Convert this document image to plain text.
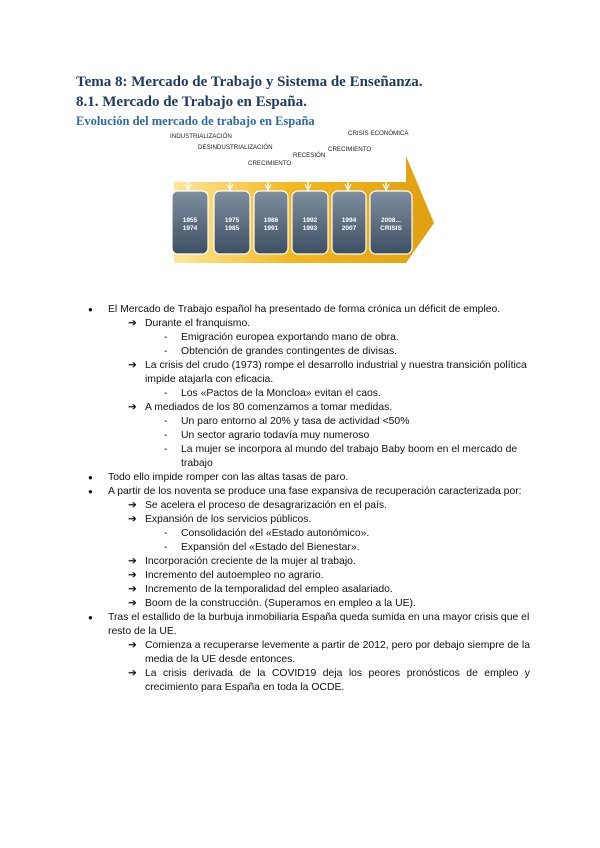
Tema 8: Mercado de Trabajo y Sistema de Enseñanza.
8.1. Mercado de Trabajo en España.
Evolución del mercado de trabajo en España
INDUSTRIALIZACIÓN
DESINDUSTRIALIZACIÓN
CRECIMIENTO
RECESIÓN
CRECIMIENTO
CRISIS ECONÓMICA
1955
1974
1975
1985
1986
1991
1992
1993
1994
2007
2008...
CRISIS
● El Mercado de Trabajo español ha presentado de forma crónica un déficit de empleo.
➔ Durante el franquismo.
- Emigración europea exportando mano de obra.
- Obtención de grandes contingentes de divisas.
➔ La crisis del crudo (1973) rompe el desarrollo industrial y nuestra transición política impide atajarla con eficacia.
- Los «Pactos de la Moncloa» evitan el caos.
➔ A mediados de los 80 comenzamos a tomar medidas.
- Un paro entorno al 20% y tasa de actividad <50%
- Un sector agrario todavía muy numeroso
- La mujer se incorpora al mundo del trabajo Baby boom en el mercado de trabajo
● Todo ello impide romper con las altas tasas de paro.
● A partir de los noventa se produce una fase expansiva de recuperación caracterizada por:
➔ Se acelera el proceso de desagrarización en el país.
➔ Expansión de los servicios públicos.
- Consolidación del «Estado autonómico».
- Expansión del «Estado del Bienestar».
➔ Incorporación creciente de la mujer al trabajo.
➔ Incremento del autoempleo no agrario.
➔ Incremento de la temporalidad del empleo asalariado.
➔ Boom de la construcción. (Superamos en empleo a la UE).
● Tras el estallido de la burbuja inmobiliaria España queda sumida en una mayor crisis que el resto de la UE.
➔ Comienza a recuperarse levemente a partir de 2012, pero por debajo siempre de la media de la UE desde entonces.
➔ La crisis derivada de la COVID19 deja los peores pronósticos de empleo y crecimiento para España en toda la OCDE.
